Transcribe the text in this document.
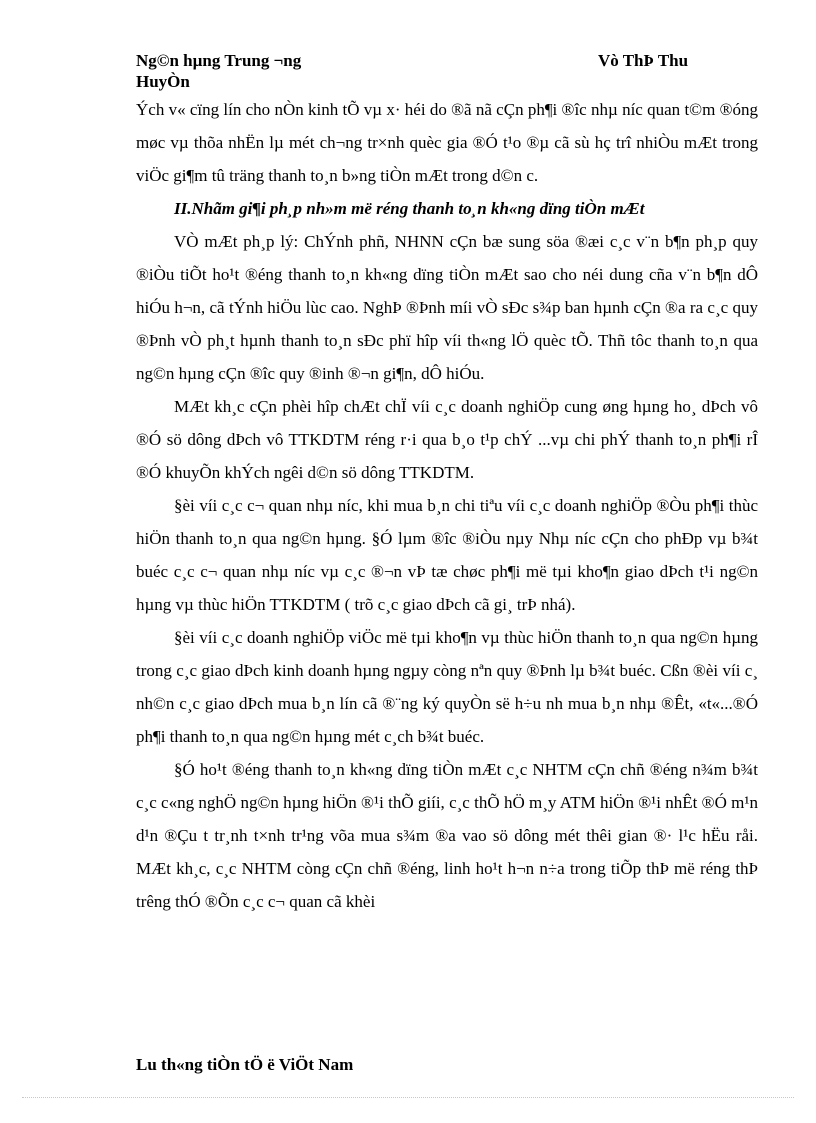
Ng©n hµng Trung ¬ng
HuyÒn
Vò ThÞ Thu

Ých v« cïng lín cho nÒn kinh tÕ vµ x· héi do ®ã nã cÇn ph¶i ®îc nhµ níc quan t©m ®óng møc vµ thõa nhËn lµ mét ch¬ng tr×nh quèc gia ®Ó t¹o ®µ cã sù hç trî nhiÒu mÆt trong viÖc gi¶m tû träng thanh to¸n b»ng tiÒn mÆt trong d©n c.

II.Nhãm gi¶i ph¸p nh»m më réng thanh to¸n kh«ng dïng tiÒn mÆt

VÒ mÆt ph¸p lý: ChÝnh phñ, NHNN cÇn bæ sung söa ®æi c¸c v¨n b¶n ph¸p quy ®iÒu tiÕt ho¹t ®éng thanh to¸n kh«ng dïng tiÒn mÆt sao cho néi dung cña v¨n b¶n dÔ hiÓu h¬n, cã tÝnh hiÖu lùc cao. NghÞ ®Þnh míi vÒ sÐc s¾p ban hµnh cÇn ®a ra c¸c quy ®Þnh vÒ ph¸t hµnh thanh to¸n sÐc phï hîp víi th«ng lÖ quèc tÕ. Thñ tôc thanh to¸n qua ng©n hµng cÇn ®îc quy ®inh ®¬n gi¶n, dÔ hiÓu.

MÆt kh¸c cÇn phèi hîp chÆt chÏ víi c¸c doanh nghiÖp cung øng hµng ho¸ dÞch vô ®Ó sö dông dÞch vô TTKDTM réng r·i qua b¸o t¹p chÝ ...vµ chi phÝ thanh to¸n ph¶i rÎ ®Ó khuyÕn khÝch ngêi d©n sö dông TTKDTM.

§èi víi c¸c c¬ quan nhµ níc, khi mua b¸n chi tiªu víi c¸c doanh nghiÖp ®Òu ph¶i thùc hiÖn thanh to¸n qua ng©n hµng. §Ó lµm ®îc ®iÒu nµy Nhµ níc cÇn cho phÐp vµ b¾t buéc c¸c c¬ quan nhµ níc vµ c¸c ®¬n vÞ tæ chøc ph¶i më tµi kho¶n giao dÞch t¹i ng©n hµng vµ thùc hiÖn TTKDTM ( trõ c¸c giao dÞch cã gi¸ trÞ nhá).

§èi víi c¸c doanh nghiÖp viÖc më tµi kho¶n vµ thùc hiÖn thanh to¸n qua ng©n hµng trong c¸c giao dÞch kinh doanh hµng ngµy còng nªn quy ®Þnh lµ b¾t buéc. Cßn ®èi víi c¸ nh©n c¸c giao dÞch mua b¸n lín cã ®¨ng ký quyÒn së h÷u nh mua b¸n nhµ ®Êt, «t«...®Ó ph¶i thanh to¸n qua ng©n hµng mét c¸ch b¾t buéc.

§Ó ho¹t ®éng thanh to¸n kh«ng dïng tiÒn mÆt c¸c NHTM cÇn chñ ®éng n¾m b¾t c¸c c«ng nghÖ ng©n hµng hiÖn ®¹i thÕ giíi, c¸c thÕ hÖ m¸y ATM hiÖn ®¹i nhÊt ®Ó m¹n d¹n ®Çu t tr¸nh t×nh tr¹ng võa mua s¾m ®a vao sö dông mét thêi gian ®· l¹c hËu råi. MÆt kh¸c, c¸c NHTM còng cÇn chñ ®éng, linh ho¹t h¬n n÷a trong tiÕp thÞ më réng thÞ trêng thÓ ®Õn c¸c c¬ quan cã khèi

Lu th«ng tiÒn tÖ ë ViÖt Nam
